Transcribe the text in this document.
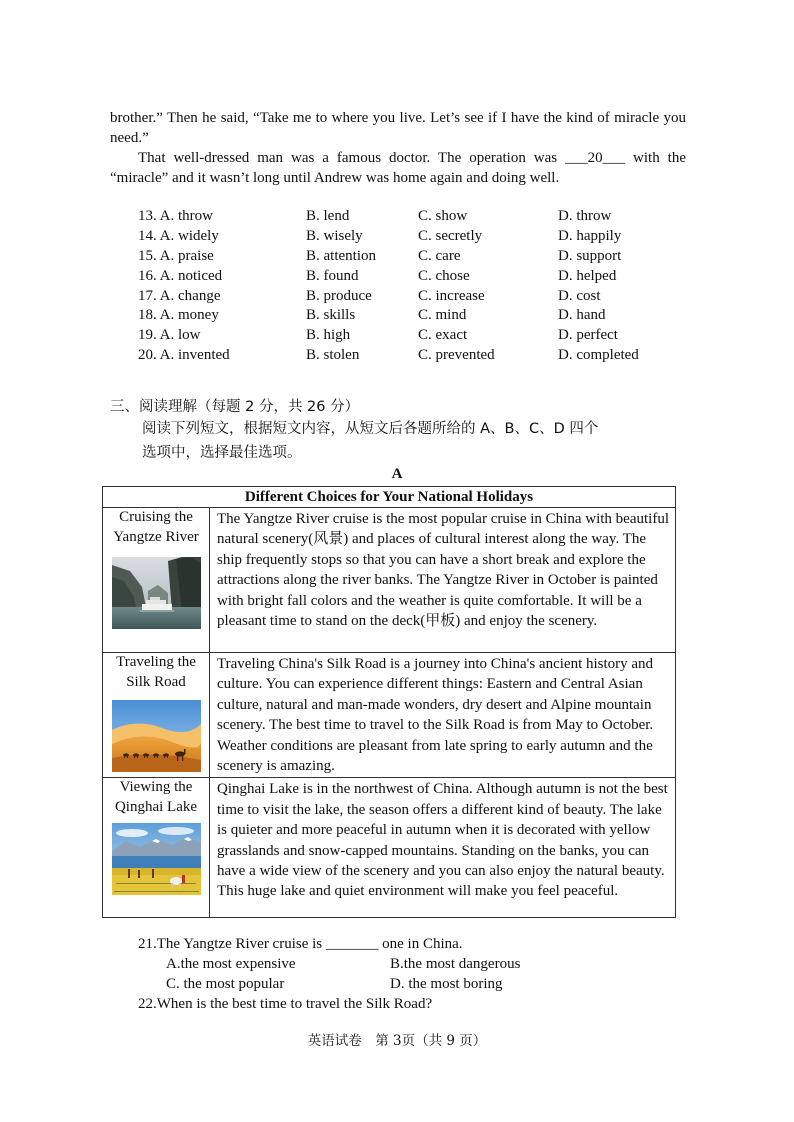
brother.” Then he said, “Take me to where you live. Let’s see if I have the kind of miracle you need.”

That well-dressed man was a famous doctor. The operation was ___20___ with the “miracle” and it wasn’t long until Andrew was home again and doing well.

13. A. throw	B. lend	C. show	D. throw
14. A. widely	B. wisely	C. secretly	D. happily
15. A. praise	B. attention	C. care	D. support
16. A. noticed	B. found	C. chose	D. helped
17. A. change	B. produce	C. increase	D. cost
18. A. money	B. skills	C. mind	D. hand
19. A. low	B. high	C. exact	D. perfect
20. A. invented	B. stolen	C. prevented	D. completed

三、阅读理解（每题 2 分，共 26 分）

阅读下列短文，根据短文内容，从短文后各题所给的 A、B、C、D 四个

选项中，选择最佳选项。

A
Different Choices for Your National Holidays	

Cruising the
Yangtze River	The Yangtze River cruise is the most popular cruise in China with beautiful natural scenery(风景) and places of cultural interest along the way. The ship frequently stops so that you can have a short break and explore the attractions along the river banks. The Yangtze River in October is painted with bright fall colors and the weather is quite comfortable. It will be a pleasant time to stand on the deck(甲板) and enjoy the scenery.

Traveling the
Silk Road	Traveling China's Silk Road is a journey into China's ancient history and culture. You can experience different things: Eastern and Central Asian culture, natural and man-made wonders, dry desert and Alpine mountain scenery. The best time to travel to the Silk Road is from May to October. Weather conditions are pleasant from late spring to early autumn and the scenery is amazing.

Viewing the
Qinghai Lake	Qinghai Lake is in the northwest of China. Although autumn is not the best time to visit the lake, the season offers a different kind of beauty. The lake is quieter and more peaceful in autumn when it is decorated with yellow grasslands and snow-capped mountains. Standing on the banks, you can have a wide view of the scenery and you can also enjoy the natural beauty. This huge lake and quiet environment will make you feel peaceful.

21.The Yangtze River cruise is _______ one in China.

A.the most expensive	B.the most dangerous
C. the most popular	D. the most boring

22.When is the best time to travel the Silk Road?

英语试卷　第 3页（共 9 页）
